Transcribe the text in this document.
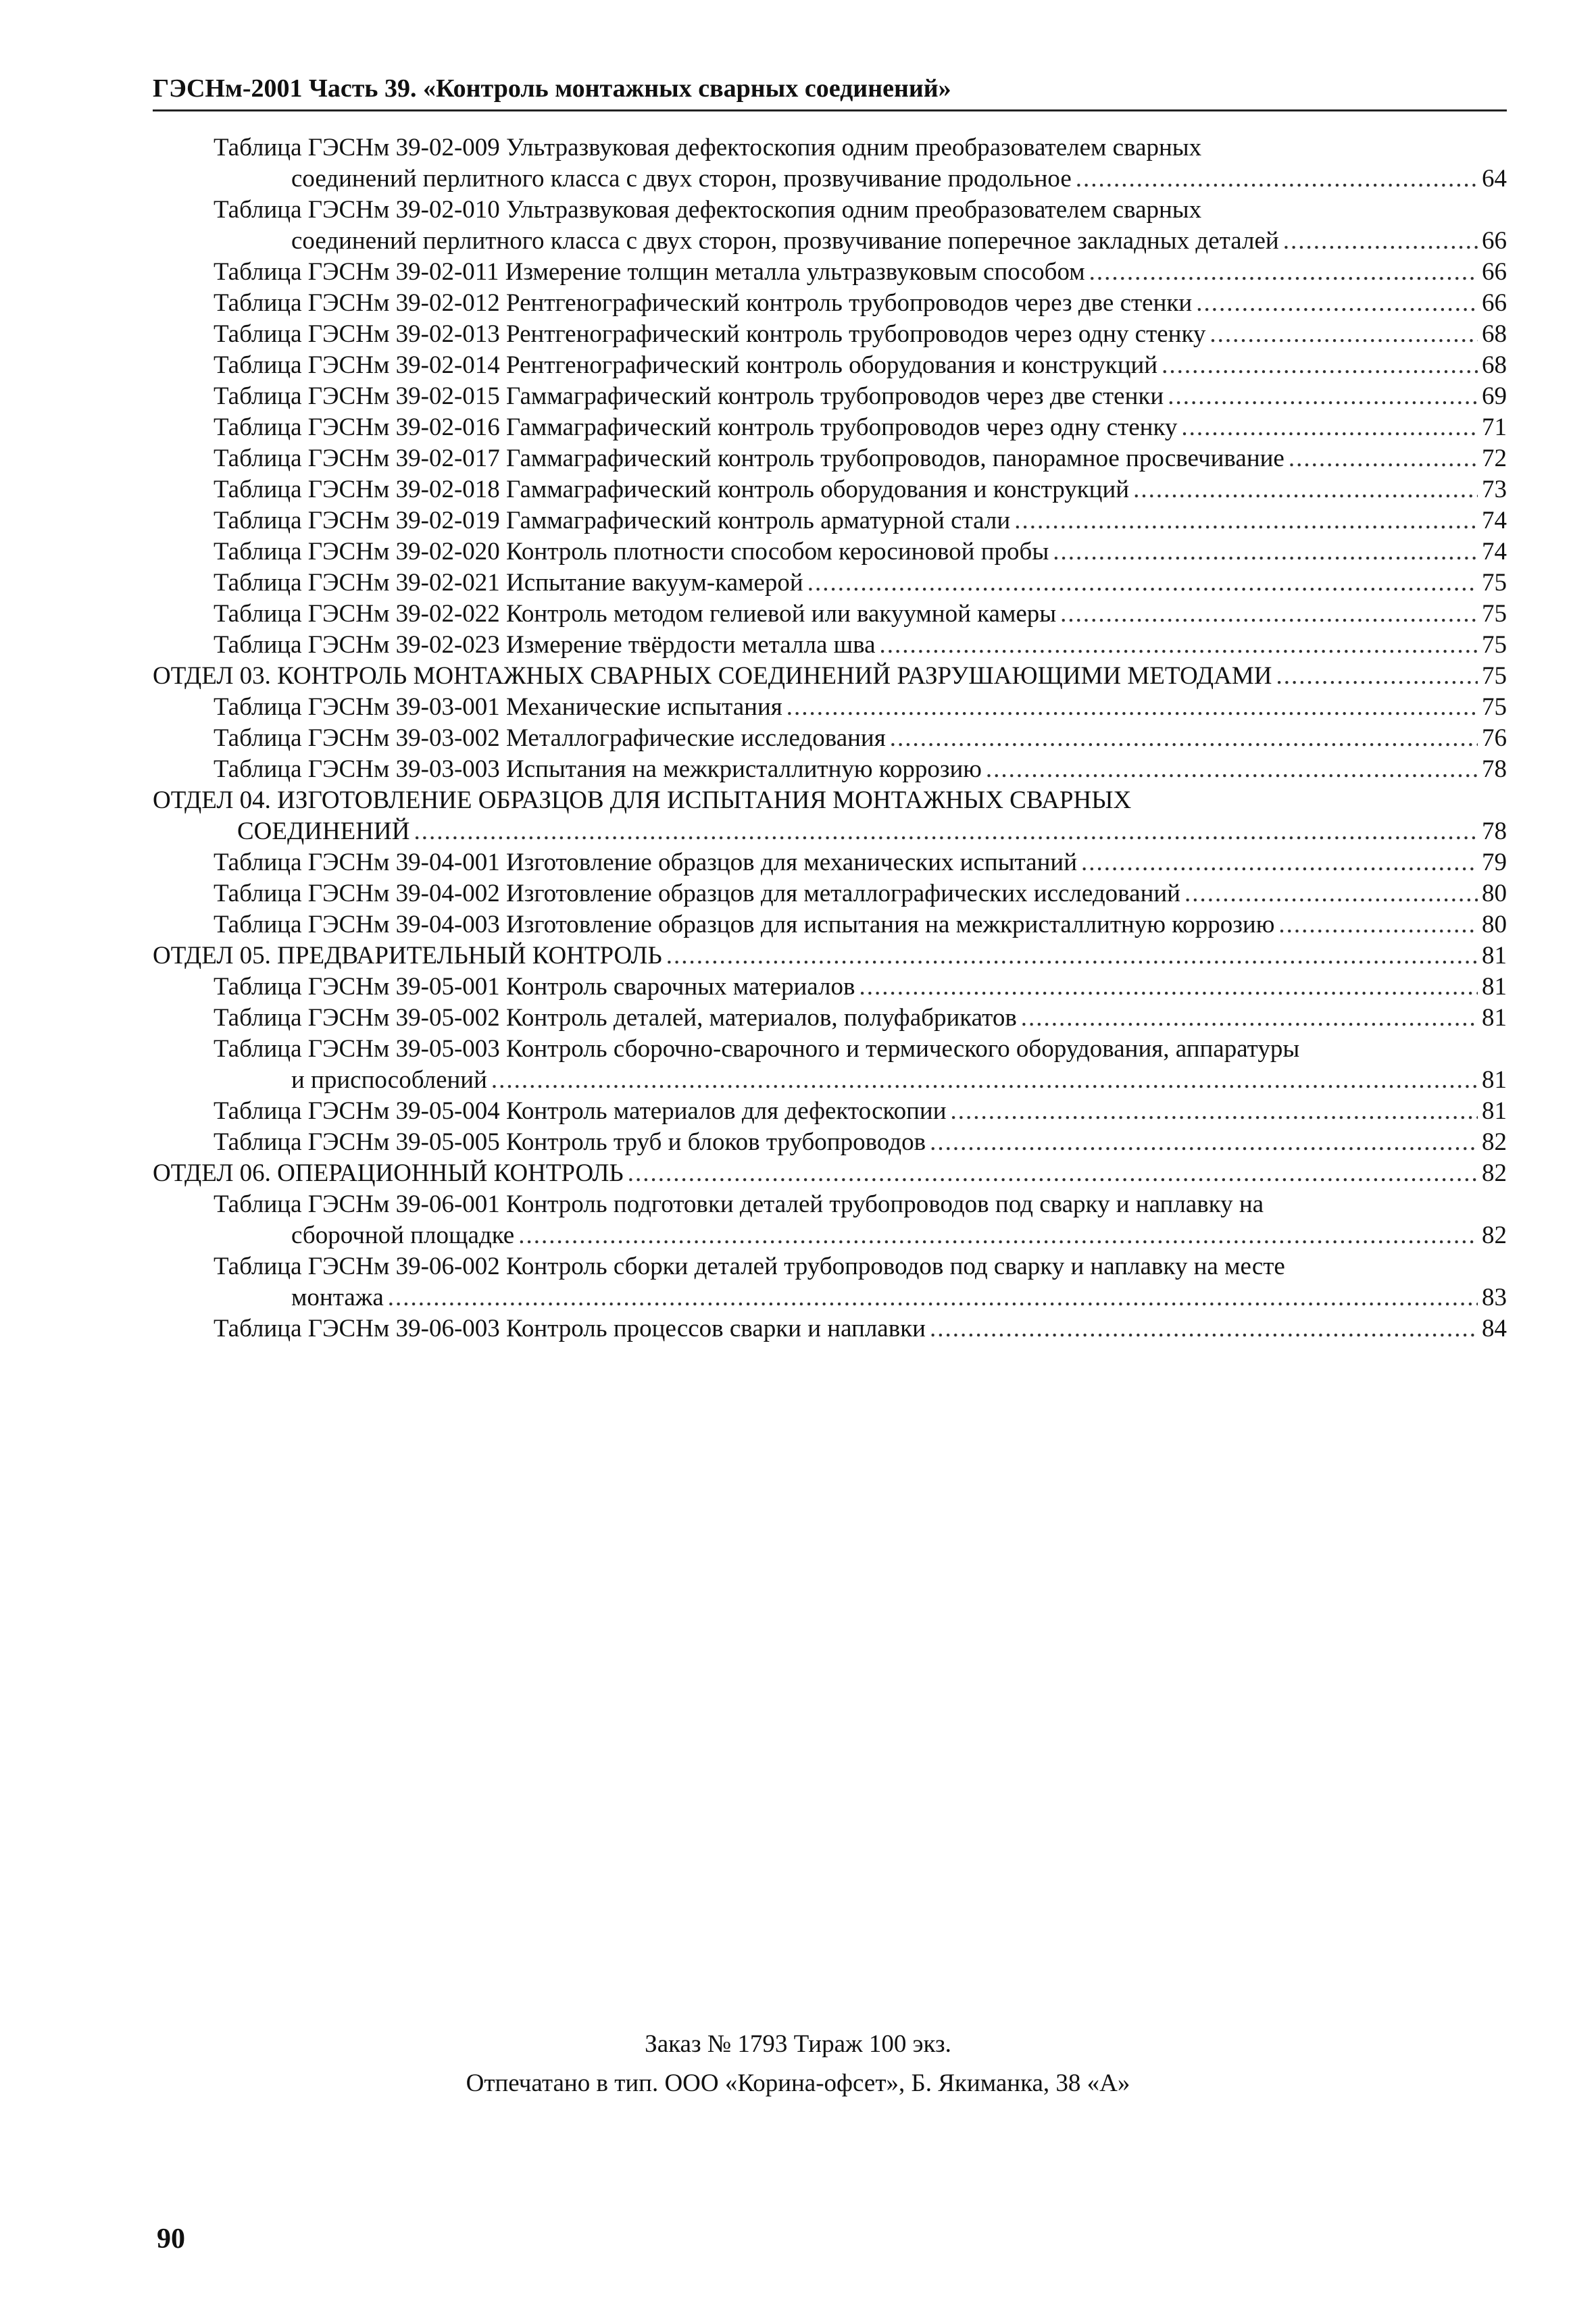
ГЭСНм-2001 Часть 39. «Контроль монтажных сварных соединений»
Таблица ГЭСНм 39-02-009 Ультразвуковая дефектоскопия одним преобразователем сварных
соединений перлитного класса с двух сторон, прозвучивание продольное .....	64
Таблица ГЭСНм 39-02-010 Ультразвуковая дефектоскопия одним преобразователем сварных
соединений перлитного класса с двух сторон, прозвучивание поперечное закладных деталей .....	66
Таблица ГЭСНм 39-02-011 Измерение толщин металла ультразвуковым способом .....	66
Таблица ГЭСНм 39-02-012 Рентгенографический контроль трубопроводов через две стенки .....	66
Таблица ГЭСНм 39-02-013 Рентгенографический контроль трубопроводов через одну стенку .....	68
Таблица ГЭСНм 39-02-014 Рентгенографический контроль оборудования и конструкций .....	68
Таблица ГЭСНм 39-02-015 Гаммаграфический контроль трубопроводов через две стенки .....	69
Таблица ГЭСНм 39-02-016 Гаммаграфический контроль трубопроводов через одну стенку .....	71
Таблица ГЭСНм 39-02-017 Гаммаграфический контроль трубопроводов, панорамное просвечивание .....	72
Таблица ГЭСНм 39-02-018 Гаммаграфический контроль оборудования и конструкций .....	73
Таблица ГЭСНм 39-02-019 Гаммаграфический контроль арматурной стали .....	74
Таблица ГЭСНм 39-02-020 Контроль плотности способом керосиновой пробы .....	74
Таблица ГЭСНм 39-02-021 Испытание вакуум-камерой .....	75
Таблица ГЭСНм 39-02-022 Контроль методом гелиевой или вакуумной камеры .....	75
Таблица ГЭСНм 39-02-023 Измерение твёрдости металла шва .....	75
ОТДЕЛ 03. КОНТРОЛЬ МОНТАЖНЫХ СВАРНЫХ СОЕДИНЕНИЙ РАЗРУШАЮЩИМИ МЕТОДАМИ .....	75
Таблица ГЭСНм 39-03-001 Механические испытания .....	75
Таблица ГЭСНм 39-03-002 Металлографические исследования .....	76
Таблица ГЭСНм 39-03-003 Испытания на межкристаллитную коррозию .....	78
ОТДЕЛ 04. ИЗГОТОВЛЕНИЕ ОБРАЗЦОВ ДЛЯ ИСПЫТАНИЯ МОНТАЖНЫХ СВАРНЫХ
СОЕДИНЕНИЙ .....	78
Таблица ГЭСНм 39-04-001 Изготовление образцов для механических испытаний .....	79
Таблица ГЭСНм 39-04-002 Изготовление образцов для металлографических исследований .....	80
Таблица ГЭСНм 39-04-003 Изготовление образцов для испытания на межкристаллитную коррозию .....	80
ОТДЕЛ 05. ПРЕДВАРИТЕЛЬНЫЙ КОНТРОЛЬ .....	81
Таблица ГЭСНм 39-05-001 Контроль сварочных материалов .....	81
Таблица ГЭСНм 39-05-002 Контроль деталей, материалов, полуфабрикатов .....	81
Таблица ГЭСНм 39-05-003 Контроль сборочно-сварочного и термического оборудования, аппаратуры
и приспособлений .....	81
Таблица ГЭСНм 39-05-004 Контроль материалов для дефектоскопии .....	81
Таблица ГЭСНм 39-05-005 Контроль труб и блоков трубопроводов .....	82
ОТДЕЛ 06. ОПЕРАЦИОННЫЙ КОНТРОЛЬ .....	82
Таблица ГЭСНм 39-06-001 Контроль подготовки деталей трубопроводов под сварку и наплавку на
сборочной площадке .....	82
Таблица ГЭСНм 39-06-002 Контроль сборки деталей трубопроводов под сварку и наплавку на месте
монтажа .....	83
Таблица ГЭСНм 39-06-003 Контроль процессов сварки и наплавки .....	84
Заказ № 1793 Тираж 100 экз.
Отпечатано в тип. ООО «Корина-офсет», Б. Якиманка, 38 «А»
90
